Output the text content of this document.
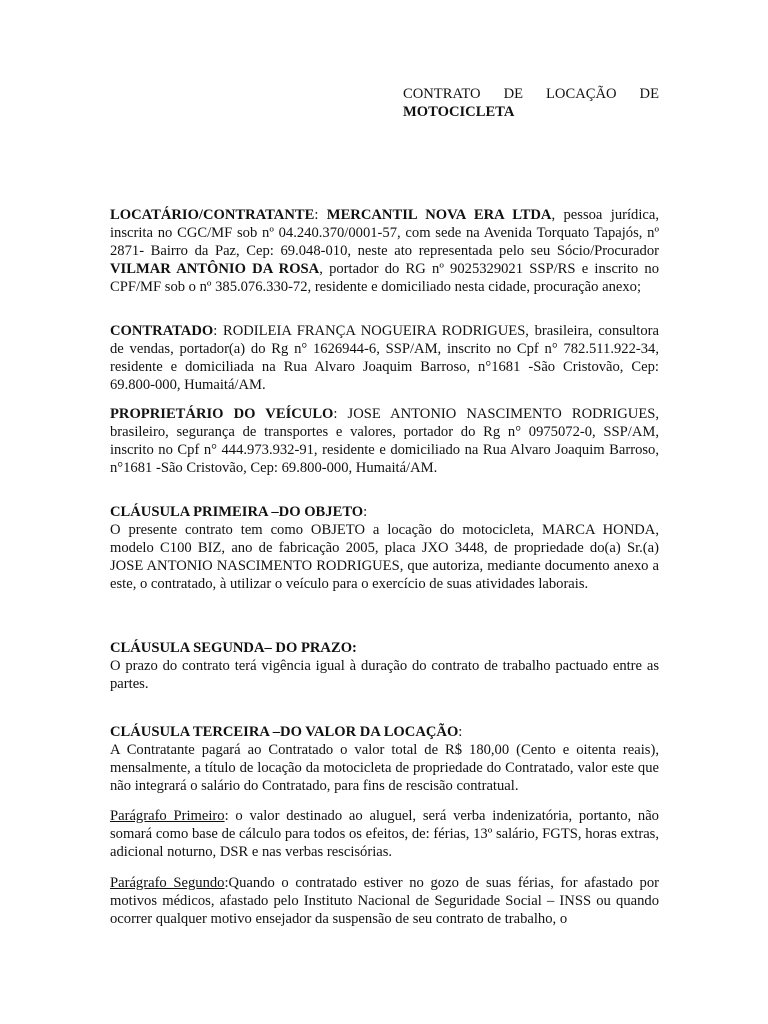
CONTRATO DE LOCAÇÃO DE
MOTOCICLETA

LOCATÁRIO/CONTRATANTE: MERCANTIL NOVA ERA LTDA, pessoa jurídica, inscrita no CGC/MF sob nº 04.240.370/0001-57, com sede na Avenida Torquato Tapajós, nº 2871- Bairro da Paz, Cep: 69.048-010, neste ato representada pelo seu Sócio/Procurador VILMAR ANTÔNIO DA ROSA, portador do RG nº 9025329021 SSP/RS e inscrito no CPF/MF sob o nº 385.076.330-72, residente e domiciliado nesta cidade, procuração anexo;

CONTRATADO: RODILEIA FRANÇA NOGUEIRA RODRIGUES, brasileira, consultora de vendas, portador(a) do Rg n° 1626944-6, SSP/AM, inscrito no Cpf n° 782.511.922-34, residente e domiciliada na Rua Alvaro Joaquim Barroso, n°1681 -São Cristovão, Cep: 69.800-000, Humaitá/AM.

PROPRIETÁRIO DO VEÍCULO: JOSE ANTONIO NASCIMENTO RODRIGUES, brasileiro, segurança de transportes e valores, portador do Rg n° 0975072-0, SSP/AM, inscrito no Cpf n° 444.973.932-91, residente e domiciliado na Rua Alvaro Joaquim Barroso, n°1681 -São Cristovão, Cep: 69.800-000, Humaitá/AM.

CLÁUSULA PRIMEIRA –DO OBJETO:

O presente contrato tem como OBJETO a locação do motocicleta, MARCA HONDA, modelo C100 BIZ, ano de fabricação 2005, placa JXO 3448, de propriedade do(a) Sr.(a) JOSE ANTONIO NASCIMENTO RODRIGUES, que autoriza, mediante documento anexo a este, o contratado, à utilizar o veículo para o exercício de suas atividades laborais.

CLÁUSULA SEGUNDA– DO PRAZO:

O prazo do contrato terá vigência igual à duração do contrato de trabalho pactuado entre as partes.

CLÁUSULA TERCEIRA –DO VALOR DA LOCAÇÃO:

A Contratante pagará ao Contratado o valor total de R$ 180,00 (Cento e oitenta reais), mensalmente, a título de locação da motocicleta de propriedade do Contratado, valor este que não integrará o salário do Contratado, para fins de rescisão contratual.

Parágrafo Primeiro: o valor destinado ao aluguel, será verba indenizatória, portanto, não somará como base de cálculo para todos os efeitos, de: férias, 13º salário, FGTS, horas extras, adicional noturno, DSR e nas verbas rescisórias.

Parágrafo Segundo:Quando o contratado estiver no gozo de suas férias, for afastado por motivos médicos, afastado pelo Instituto Nacional de Seguridade Social – INSS ou quando ocorrer qualquer motivo ensejador da suspensão de seu contrato de trabalho, o
